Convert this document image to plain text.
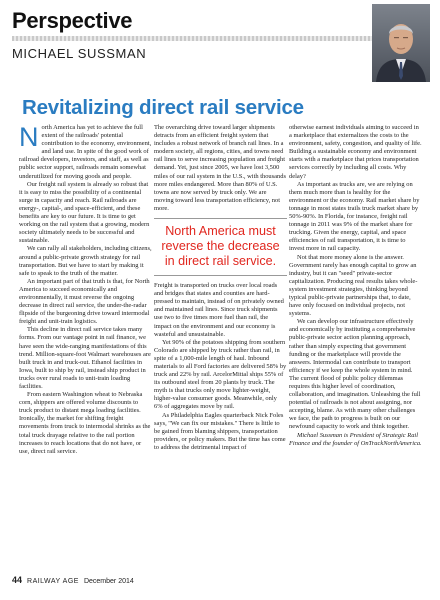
Perspective
MICHAEL SUSSMAN
Revitalizing direct rail service

North America has yet to achieve the full extent of the railroads' potential contribution to the economy, environment, and land use. In spite of the good work of railroad developers, investors, and staff, as well as public sector support, railroads remain somewhat underutilized for moving goods and people.

Our freight rail system is already so robust that it is easy to miss the possibility of a continental surge in capacity and reach. Rail railroads are energy-, capital-, and space-efficient, and these benefits are key to our future. It is time to get working on the rail system that a growing, modern society ultimately needs to be successful and sustainable.

We can rally all stakeholders, including citizens, around a public-private growth strategy for rail transportation. But we have to start by making it safe to speak to the truth of the matter.

An important part of that truth is that, for North America to succeed economically and environmentally, it must reverse the ongoing decrease in direct rail service, the under-the-radar flipside of the burgeoning drive toward intermodal freight and unit-train logistics.

This decline in direct rail service takes many forms. From our vantage point in rail finance, we have seen the wide-ranging manifestations of this trend. Million-square-foot Walmart warehouses are built truck in and truck-out. Ethanol facilities in Iowa, built to ship by rail, instead ship product in trucks over rural roads to unit-train loading facilities.

From eastern Washington wheat to Nebraska corn, shippers are offered volume discounts to truck product to distant mega loading facilities. Ironically, the market for shifting freight movements from truck to intermodal shrinks as the total truck drayage relative to the rail portion increases to reach locations that do not have, or use, direct rail service.

The overarching drive toward larger shipments detracts from an efficient freight system that includes a robust network of branch rail lines. In a modern society, all regions, cities, and towns need rail lines to serve increasing population and freight demand. Yet, just since 2005, we have lost 3,500 miles of our rail system in the U.S., with thousands more miles endangered. More than 80% of U.S. towns are now served by truck only. We are moving toward less transportation efficiency, not more.

North America must reverse the decrease in direct rail service.

Freight is transported on trucks over local roads and bridges that states and counties are hard-pressed to maintain, instead of on privately owned and maintained rail lines. Since truck shipments use two to five times more fuel than rail, the impact on the environment and our economy is wasteful and unsustainable.

Yet 90% of the potatoes shipping from southern Colorado are shipped by truck rather than rail, in spite of a 1,000-mile length of haul. Inbound materials to all Ford factories are delivered 58% by truck and 22% by rail. ArcelorMittal ships 55% of its outbound steel from 20 plants by truck. The myth is that trucks only move lighter-weight, higher-value consumer goods. Meanwhile, only 6% of aggregates move by rail.

As Philadelphia Eagles quarterback Nick Foles says, "We can fix our mistakes." There is little to be gained from blaming shippers, transportation providers, or policy makers. But the time has come to address the detrimental impact of

otherwise earnest individuals aiming to succeed in a marketplace that externalizes the costs to the environment, safety, congestion, and quality of life. Building a sustainable economy and environment starts with a marketplace that prices transportation services correctly by including all costs. Why delay?

As important as trucks are, we are relying on them much more than is healthy for the environment or the economy. Rail market share by tonnage in most states trails truck market share by 50%-90%. In Florida, for instance, freight rail tonnage in 2011 was 9% of the market share for trucking. Given the energy, capital, and space efficiencies of rail transportation, it is time to invest more in rail capacity.

Not that more money alone is the answer. Government rarely has enough capital to grow an industry, but it can "seed" private-sector capitalization. Producing real results takes whole-system investment strategies, thinking beyond typical public-private partnerships that, to date, have only focused on individual projects, not systems.

We can develop our infrastructure effectively and economically by instituting a comprehensive public-private sector action planning approach, rather than simply expecting that government funding or the marketplace will provide the answers. Intermodal can contribute to transport efficiency if we keep the whole system in mind. The current flood of public policy dilemmas requires this higher level of coordination, collaboration, and imagination. Unleashing the full potential of railroads is not about assigning, nor accepting, blame. As with many other challenges we face, the path to progress is built on our newfound capacity to work and think together.

Michael Sussman is President of Strategic Rail Finance and the founder of OnTrackNorthAmerica.

44 RAILWAY AGE December 2014
